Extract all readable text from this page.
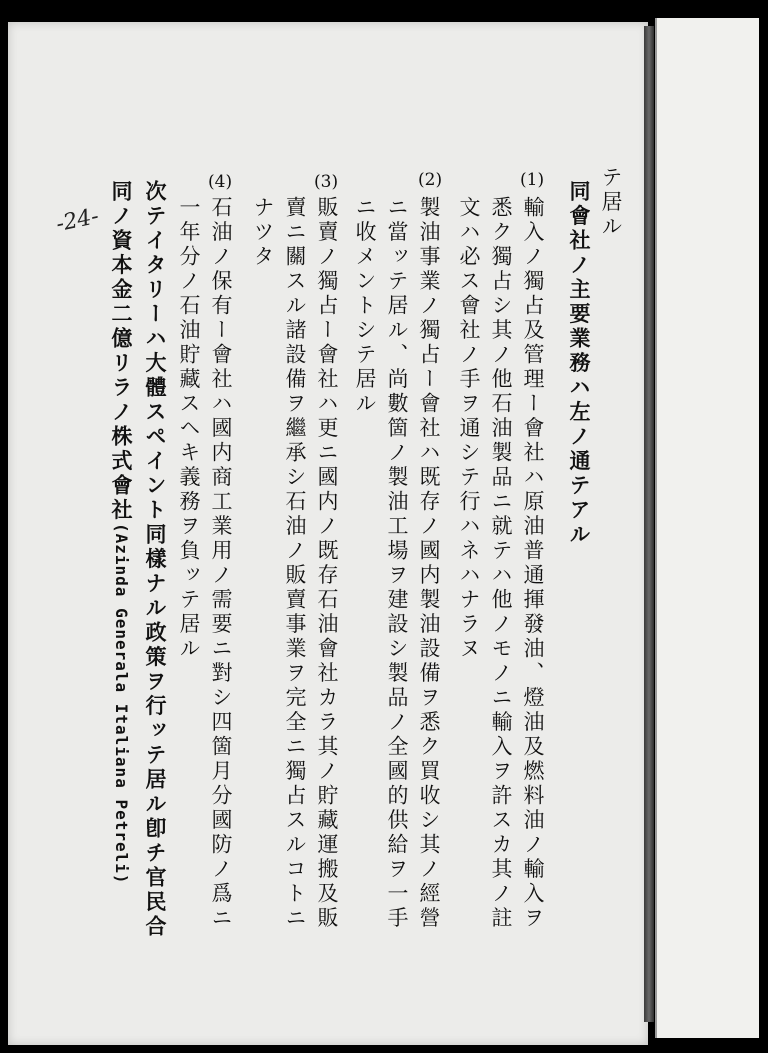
-24-	テ居ル
同會社ノ主要業務ハ左ノ通テアル
(1)
輸入ノ獨占及管理ー會社ハ原油普通揮發油、燈油及燃料油ノ輸入ヲ
悉ク獨占シ其ノ他石油製品ニ就テハ他ノモノニ輸入ヲ許スカ其ノ註
文ハ必ス會社ノ手ヲ通シテ行ハネハナラヌ
(2)
製油事業ノ獨占ー會社ハ既存ノ國内製油設備ヲ悉ク買收シ其ノ經營
ニ當ッテ居ル、尚數箇ノ製油工場ヲ建設シ製品ノ全國的供給ヲ一手
ニ收メントシテ居ル
(3)
販賣ノ獨占ー會社ハ更ニ國内ノ既存石油會社カラ其ノ貯藏運搬及販
賣ニ關スル諸設備ヲ繼承シ石油ノ販賣事業ヲ完全ニ獨占スルコトニ
ナツタ
(4)
石油ノ保有ー會社ハ國内商工業用ノ需要ニ對シ四箇月分國防ノ爲ニ
一年分ノ石油貯藏スヘキ義務ヲ負ッテ居ル
次テイタリーハ大體スペイント同樣ナル政策ヲ行ッテ居ル卽チ官民合
同ノ資本金二億リラノ株式會社(Azinda Generala Italiana Petreli)
